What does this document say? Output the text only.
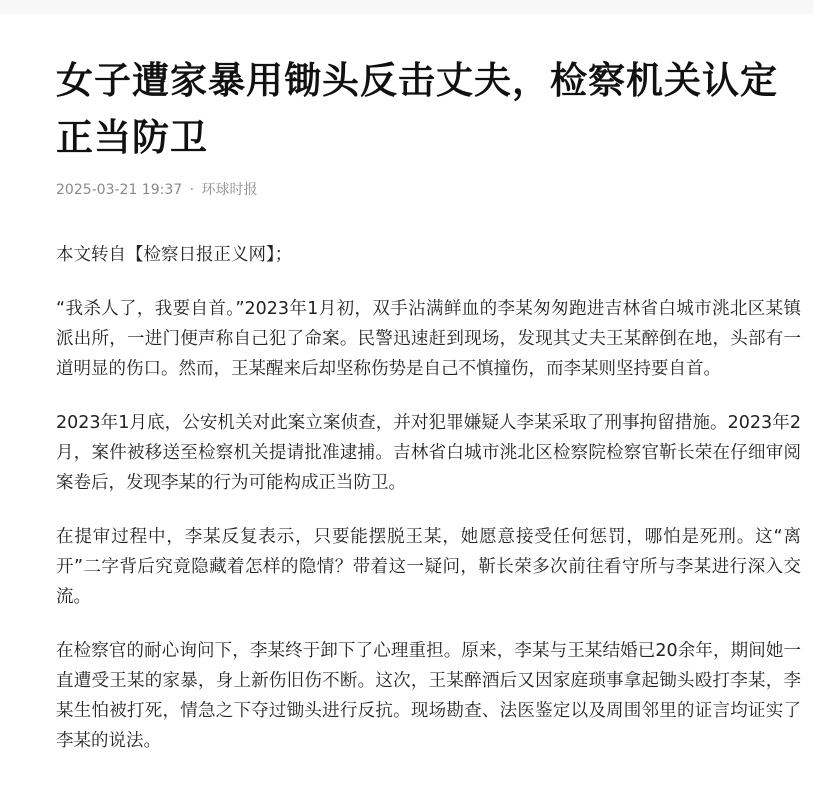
女子遭家暴用锄头反击丈夫，检察机关认定正当防卫
2025-03-21 19:37 · 环球时报

本文转自【检察日报正义网】；

“我杀人了，我要自首。”2023年1月初，双手沾满鲜血的李某匆匆跑进吉林省白城市洮北区某镇派出所，一进门便声称自己犯了命案。民警迅速赶到现场，发现其丈夫王某醉倒在地，头部有一道明显的伤口。然而，王某醒来后却坚称伤势是自己不慎撞伤，而李某则坚持要自首。

2023年1月底，公安机关对此案立案侦查，并对犯罪嫌疑人李某采取了刑事拘留措施。2023年2月，案件被移送至检察机关提请批准逮捕。吉林省白城市洮北区检察院检察官靳长荣在仔细审阅案卷后，发现李某的行为可能构成正当防卫。

在提审过程中，李某反复表示，只要能摆脱王某，她愿意接受任何惩罚，哪怕是死刑。这“离开”二字背后究竟隐藏着怎样的隐情？带着这一疑问，靳长荣多次前往看守所与李某进行深入交流。

在检察官的耐心询问下，李某终于卸下了心理重担。原来，李某与王某结婚已20余年，期间她一直遭受王某的家暴，身上新伤旧伤不断。这次，王某醉酒后又因家庭琐事拿起锄头殴打李某，李某生怕被打死，情急之下夺过锄头进行反抗。现场勘查、法医鉴定以及周围邻里的证言均证实了李某的说法。
